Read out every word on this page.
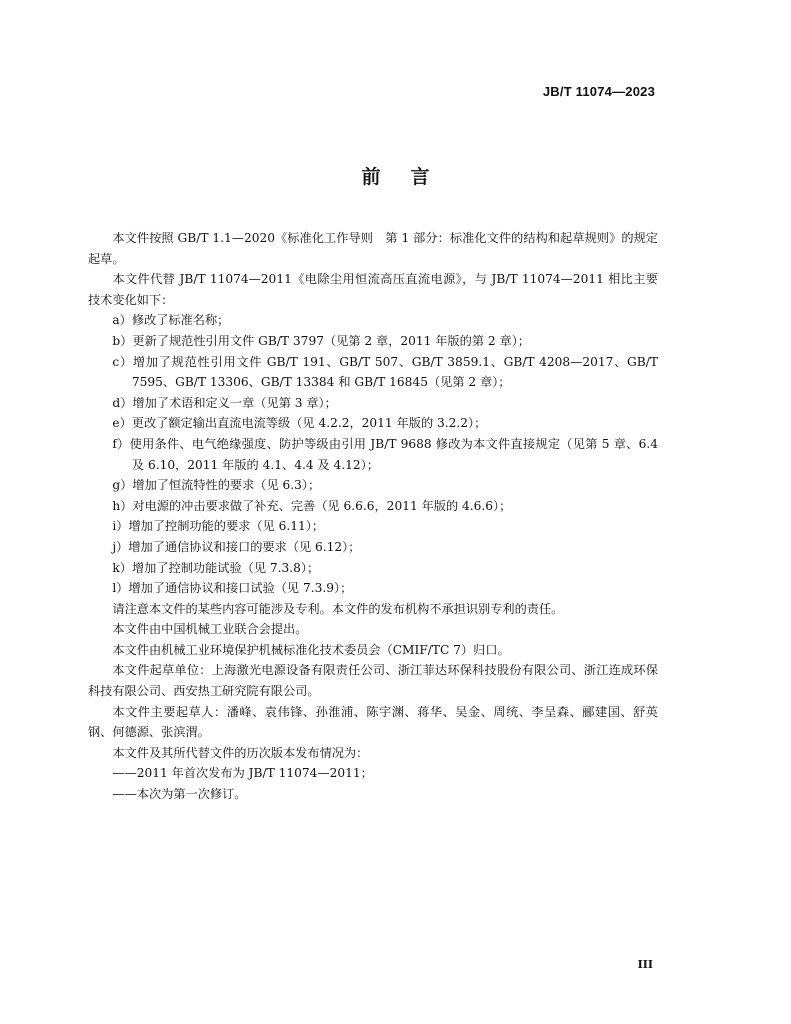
JB/T 11074—2023
前言

本文件按照 GB/T 1.1—2020《标准化工作导则　第 1 部分：标准化文件的结构和起草规则》的规定起草。

本文件代替 JB/T 11074—2011《电除尘用恒流高压直流电源》，与 JB/T 11074—2011 相比主要技术变化如下：

a）修改了标准名称；

b）更新了规范性引用文件 GB/T 3797（见第 2 章，2011 年版的第 2 章）；

c）增加了规范性引用文件 GB/T 191、GB/T 507、GB/T 3859.1、GB/T 4208—2017、GB/T 7595、GB/T 13306、GB/T 13384 和 GB/T 16845（见第 2 章）；

d）增加了术语和定义一章（见第 3 章）；

e）更改了额定输出直流电流等级（见 4.2.2，2011 年版的 3.2.2）；

f）使用条件、电气绝缘强度、防护等级由引用 JB/T 9688 修改为本文件直接规定（见第 5 章、6.4 及 6.10，2011 年版的 4.1、4.4 及 4.12）；

g）增加了恒流特性的要求（见 6.3）；

h）对电源的冲击要求做了补充、完善（见 6.6.6，2011 年版的 4.6.6）；

i）增加了控制功能的要求（见 6.11）；

j）增加了通信协议和接口的要求（见 6.12）；

k）增加了控制功能试验（见 7.3.8）；

l）增加了通信协议和接口试验（见 7.3.9）；

请注意本文件的某些内容可能涉及专利。本文件的发布机构不承担识别专利的责任。

本文件由中国机械工业联合会提出。

本文件由机械工业环境保护机械标准化技术委员会（CMIF/TC 7）归口。

本文件起草单位：上海激光电源设备有限责任公司、浙江菲达环保科技股份有限公司、浙江连成环保科技有限公司、西安热工研究院有限公司。

本文件主要起草人：潘峰、袁伟锋、孙淮浦、陈宇渊、蒋华、吴金、周统、李呈森、郦建国、舒英钢、何德源、张滨渭。

本文件及其所代替文件的历次版本发布情况为：

——2011 年首次发布为 JB/T 11074—2011；

——本次为第一次修订。

III
